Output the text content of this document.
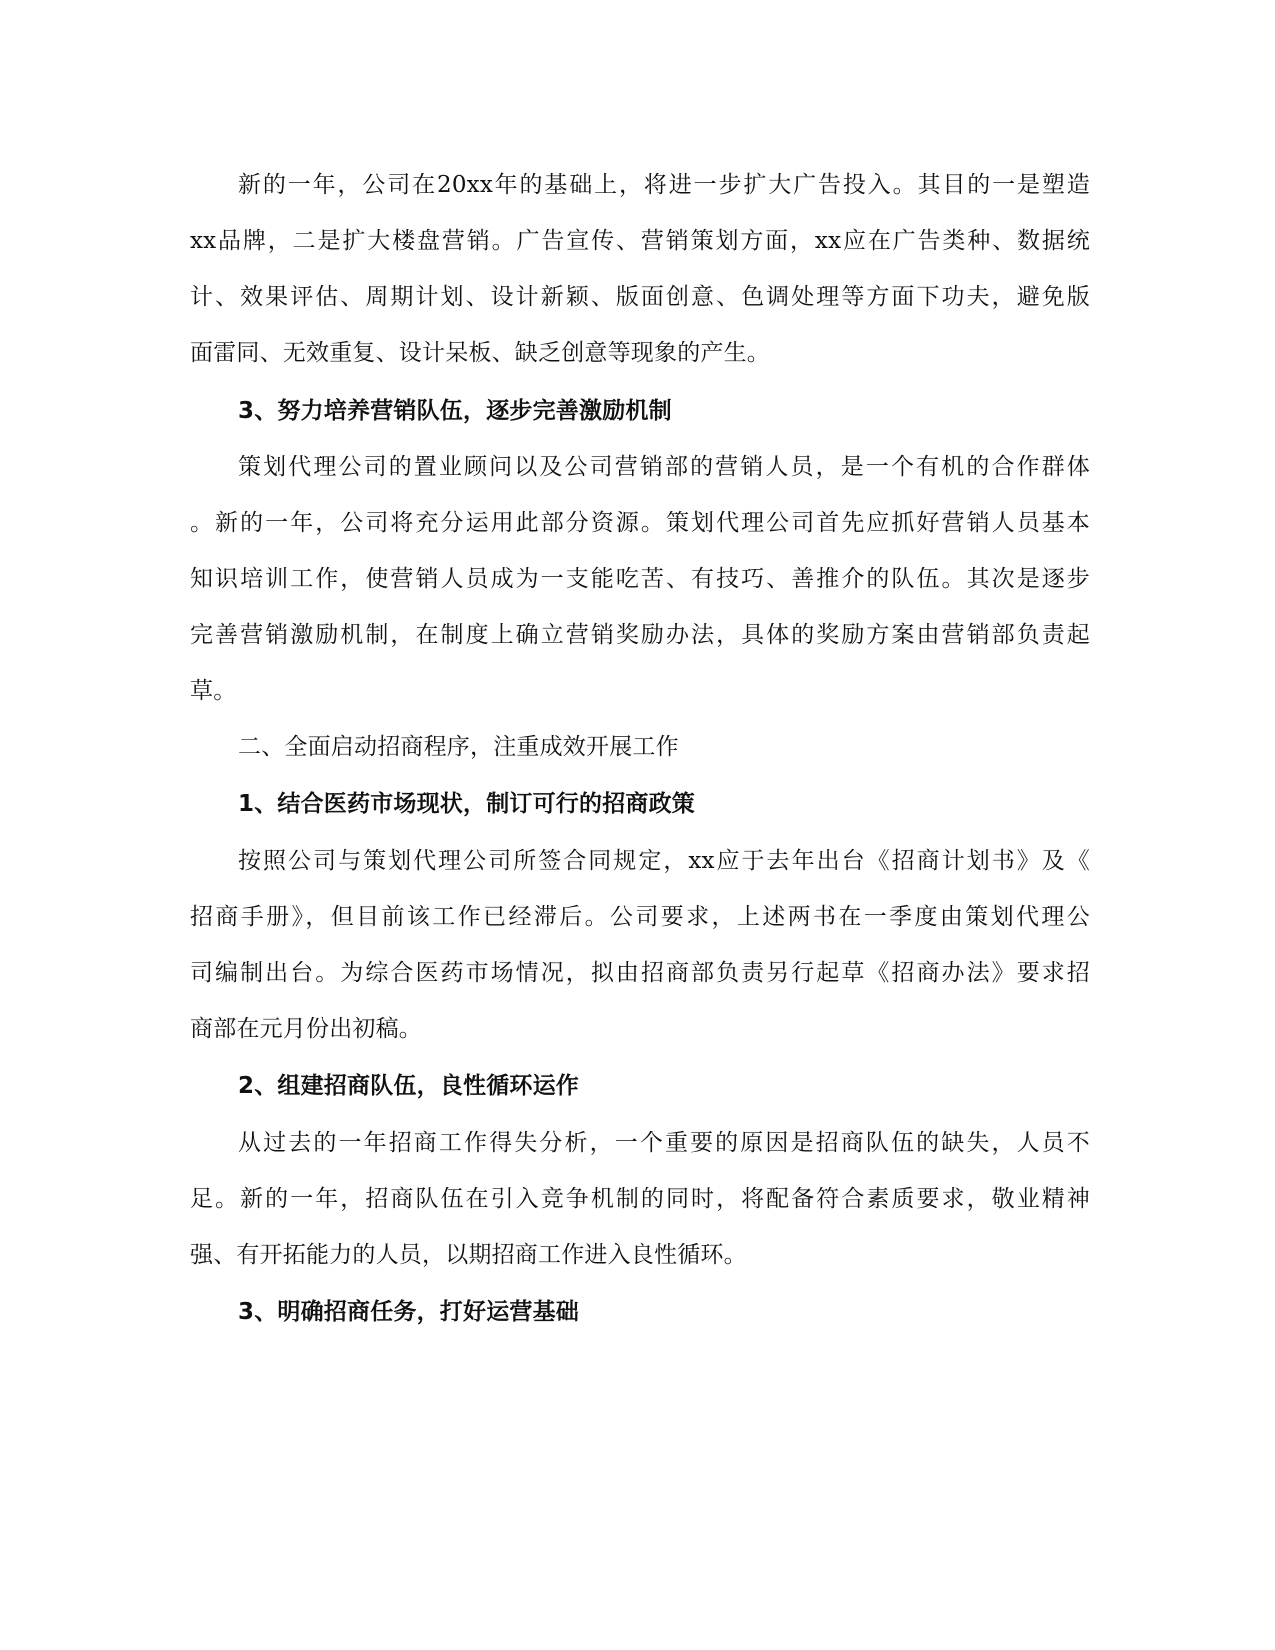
新的一年，公司在20xx年的基础上，将进一步扩大广告投入。其目的一是塑造

xx品牌，二是扩大楼盘营销。广告宣传、营销策划方面，xx应在广告类种、数据统

计、效果评估、周期计划、设计新颖、版面创意、色调处理等方面下功夫，避免版

面雷同、无效重复、设计呆板、缺乏创意等现象的产生。

3、努力培养营销队伍，逐步完善激励机制

策划代理公司的置业顾问以及公司营销部的营销人员，是一个有机的合作群体

。新的一年，公司将充分运用此部分资源。策划代理公司首先应抓好营销人员基本

知识培训工作，使营销人员成为一支能吃苦、有技巧、善推介的队伍。其次是逐步

完善营销激励机制，在制度上确立营销奖励办法，具体的奖励方案由营销部负责起

草。

二、全面启动招商程序，注重成效开展工作

1、结合医药市场现状，制订可行的招商政策

按照公司与策划代理公司所签合同规定，xx应于去年出台《招商计划书》及《

招商手册》，但目前该工作已经滞后。公司要求，上述两书在一季度由策划代理公

司编制出台。为综合医药市场情况，拟由招商部负责另行起草《招商办法》要求招

商部在元月份出初稿。

2、组建招商队伍，良性循环运作

从过去的一年招商工作得失分析，一个重要的原因是招商队伍的缺失，人员不

足。新的一年，招商队伍在引入竞争机制的同时，将配备符合素质要求，敬业精神

强、有开拓能力的人员，以期招商工作进入良性循环。

3、明确招商任务，打好运营基础
